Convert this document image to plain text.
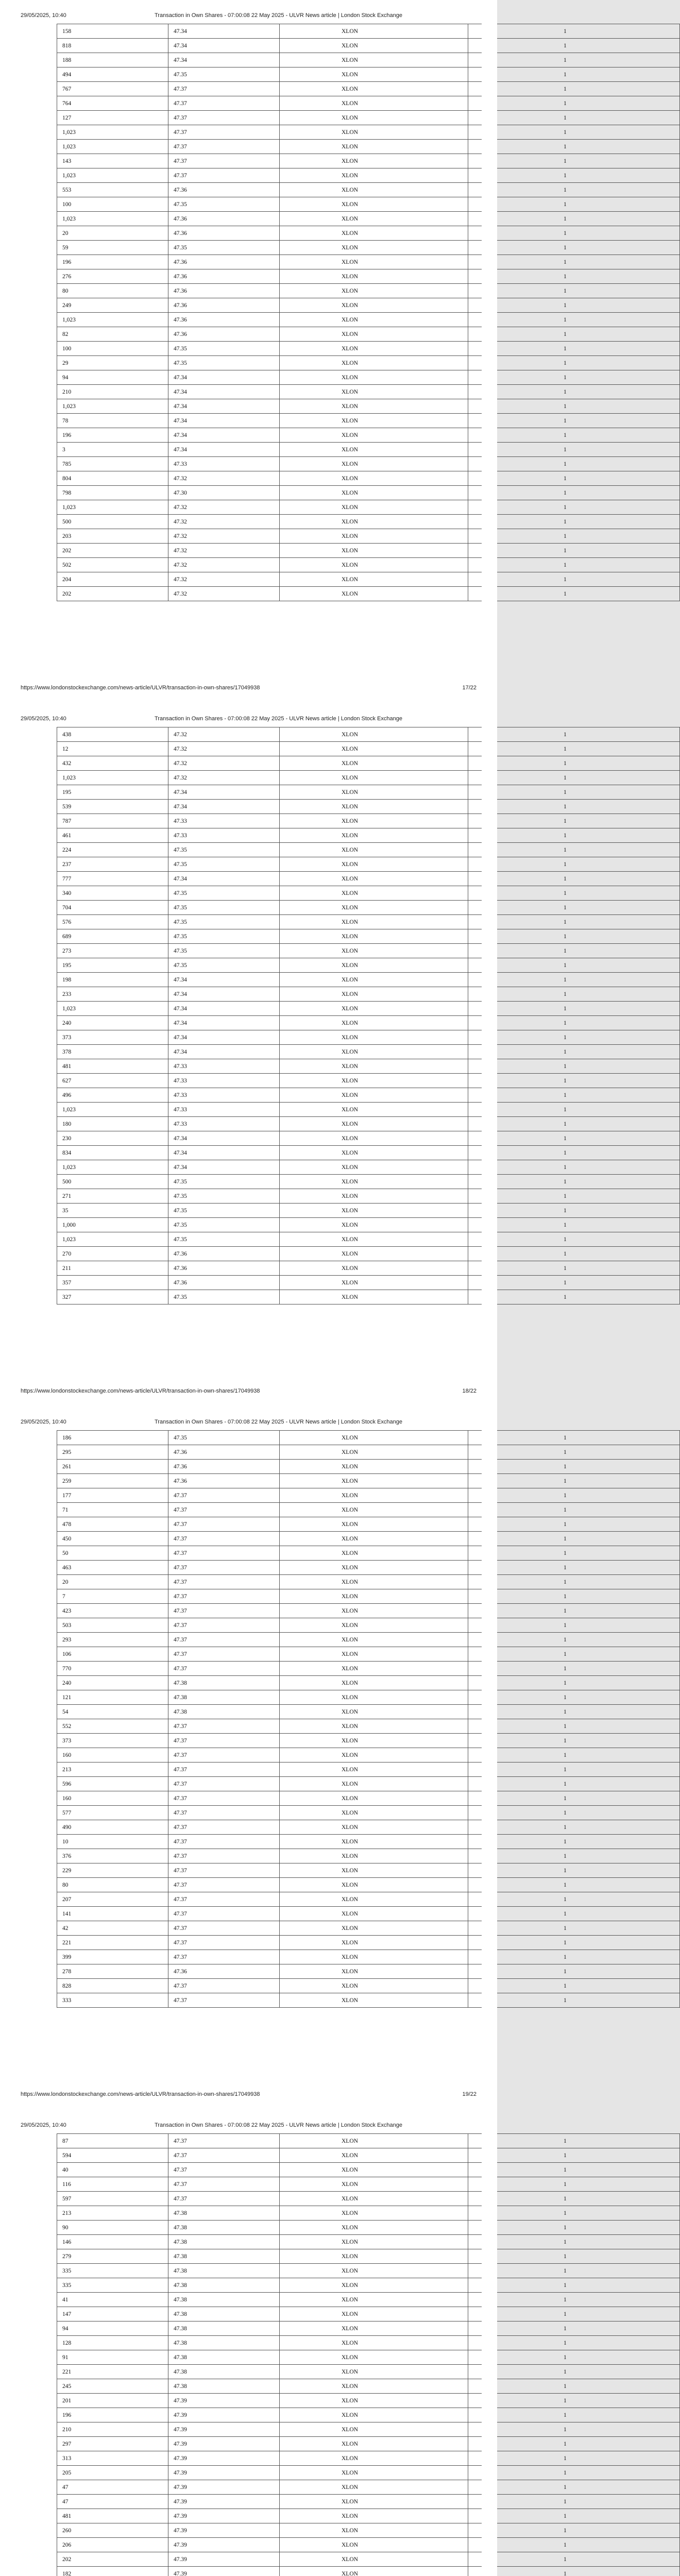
29/05/2025, 10:40	Transaction in Own Shares - 07:00:08 22 May 2025 - ULVR News article | London Stock Exchange
158	47.34	XLON	1
818	47.34	XLON	1
188	47.34	XLON	1
494	47.35	XLON	1
767	47.37	XLON	1
764	47.37	XLON	1
127	47.37	XLON	1
1,023	47.37	XLON	1
1,023	47.37	XLON	1
143	47.37	XLON	1
1,023	47.37	XLON	1
553	47.36	XLON	1
100	47.35	XLON	1
1,023	47.36	XLON	1
20	47.36	XLON	1
59	47.35	XLON	1
196	47.36	XLON	1
276	47.36	XLON	1
80	47.36	XLON	1
249	47.36	XLON	1
1,023	47.36	XLON	1
82	47.36	XLON	1
100	47.35	XLON	1
29	47.35	XLON	1
94	47.34	XLON	1
210	47.34	XLON	1
1,023	47.34	XLON	1
78	47.34	XLON	1
196	47.34	XLON	1
3	47.34	XLON	1
785	47.33	XLON	1
804	47.32	XLON	1
798	47.30	XLON	1
1,023	47.32	XLON	1
500	47.32	XLON	1
203	47.32	XLON	1
202	47.32	XLON	1
502	47.32	XLON	1
204	47.32	XLON	1
202	47.32	XLON	1
https://www.londonstockexchange.com/news-article/ULVR/transaction-in-own-shares/17049938	17/22
29/05/2025, 10:40	Transaction in Own Shares - 07:00:08 22 May 2025 - ULVR News article | London Stock Exchange
438	47.32	XLON	1
12	47.32	XLON	1
432	47.32	XLON	1
1,023	47.32	XLON	1
195	47.34	XLON	1
539	47.34	XLON	1
787	47.33	XLON	1
461	47.33	XLON	1
224	47.35	XLON	1
237	47.35	XLON	1
777	47.34	XLON	1
340	47.35	XLON	1
704	47.35	XLON	1
576	47.35	XLON	1
689	47.35	XLON	1
273	47.35	XLON	1
195	47.35	XLON	1
198	47.34	XLON	1
233	47.34	XLON	1
1,023	47.34	XLON	1
240	47.34	XLON	1
373	47.34	XLON	1
378	47.34	XLON	1
481	47.33	XLON	1
627	47.33	XLON	1
496	47.33	XLON	1
1,023	47.33	XLON	1
180	47.33	XLON	1
230	47.34	XLON	1
834	47.34	XLON	1
1,023	47.34	XLON	1
500	47.35	XLON	1
271	47.35	XLON	1
35	47.35	XLON	1
1,000	47.35	XLON	1
1,023	47.35	XLON	1
270	47.36	XLON	1
211	47.36	XLON	1
357	47.36	XLON	1
327	47.35	XLON	1
https://www.londonstockexchange.com/news-article/ULVR/transaction-in-own-shares/17049938	18/22
29/05/2025, 10:40	Transaction in Own Shares - 07:00:08 22 May 2025 - ULVR News article | London Stock Exchange
186	47.35	XLON	1
295	47.36	XLON	1
261	47.36	XLON	1
259	47.36	XLON	1
177	47.37	XLON	1
71	47.37	XLON	1
478	47.37	XLON	1
450	47.37	XLON	1
50	47.37	XLON	1
463	47.37	XLON	1
20	47.37	XLON	1
7	47.37	XLON	1
423	47.37	XLON	1
503	47.37	XLON	1
293	47.37	XLON	1
106	47.37	XLON	1
770	47.37	XLON	1
240	47.38	XLON	1
121	47.38	XLON	1
54	47.38	XLON	1
552	47.37	XLON	1
373	47.37	XLON	1
160	47.37	XLON	1
213	47.37	XLON	1
596	47.37	XLON	1
160	47.37	XLON	1
577	47.37	XLON	1
490	47.37	XLON	1
10	47.37	XLON	1
376	47.37	XLON	1
229	47.37	XLON	1
80	47.37	XLON	1
207	47.37	XLON	1
141	47.37	XLON	1
42	47.37	XLON	1
221	47.37	XLON	1
399	47.37	XLON	1
278	47.36	XLON	1
828	47.37	XLON	1
333	47.37	XLON	1
https://www.londonstockexchange.com/news-article/ULVR/transaction-in-own-shares/17049938	19/22
29/05/2025, 10:40	Transaction in Own Shares - 07:00:08 22 May 2025 - ULVR News article | London Stock Exchange
87	47.37	XLON	1
594	47.37	XLON	1
40	47.37	XLON	1
116	47.37	XLON	1
597	47.37	XLON	1
213	47.38	XLON	1
90	47.38	XLON	1
146	47.38	XLON	1
279	47.38	XLON	1
335	47.38	XLON	1
335	47.38	XLON	1
41	47.38	XLON	1
147	47.38	XLON	1
94	47.38	XLON	1
128	47.38	XLON	1
91	47.38	XLON	1
221	47.38	XLON	1
245	47.38	XLON	1
201	47.39	XLON	1
196	47.39	XLON	1
210	47.39	XLON	1
297	47.39	XLON	1
313	47.39	XLON	1
205	47.39	XLON	1
47	47.39	XLON	1
47	47.39	XLON	1
481	47.39	XLON	1
260	47.39	XLON	1
206	47.39	XLON	1
202	47.39	XLON	1
182	47.39	XLON	1
